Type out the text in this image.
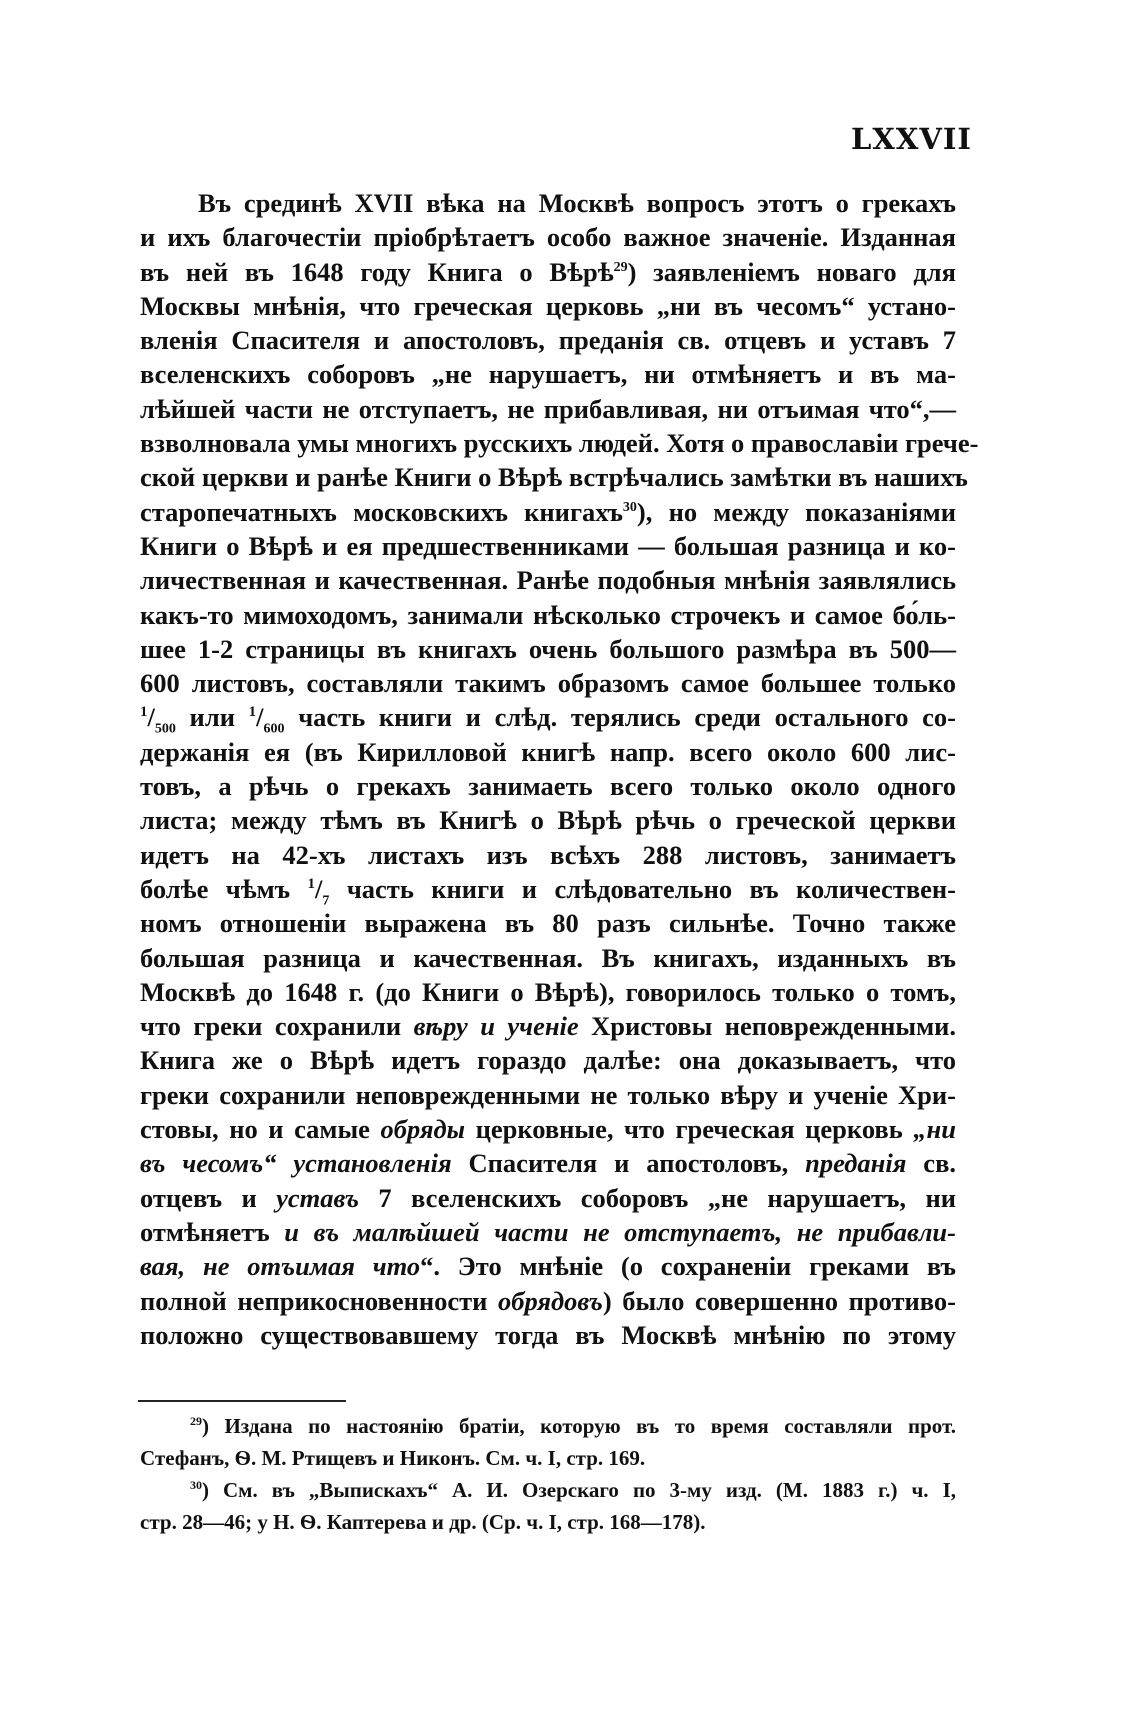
LXXVII
Въ срединѣ XVII вѣка на Москвѣ вопросъ этотъ о грекахъ
и ихъ благочестіи пріобрѣтаетъ особо важное значеніе. Изданная
въ ней въ 1648 году Книга о Вѣрѣ$^{29}$) заявленіемъ новаго для
Москвы мнѣнія, что греческая церковь „ни въ чесомъ“ устано-
вленія Спасителя и апостоловъ, преданія св. отцевъ и уставъ 7
вселенскихъ соборовъ „не нарушаетъ, ни отмѣняетъ и въ ма-
лѣйшей части не отступаетъ, не прибавливая, ни отъимая что“,—
взволновала умы многихъ русскихъ людей. Хотя о православіи грече-
ской церкви и ранѣе Книги о Вѣрѣ встрѣчались замѣтки въ нашихъ
старопечатныхъ московскихъ книгахъ$^{30}$), но между показаніями
Книги о Вѣрѣ и ея предшественниками — большая разница и ко-
личественная и качественная. Ранѣе подобныя мнѣнія заявлялись
какъ-то мимоходомъ, занимали нѣсколько строчекъ и самое бо́ль-
шее 1-2 страницы въ книгахъ очень большого размѣра въ 500—
600 листовъ, составляли такимъ образомъ самое большее только
$^1/_{500}$ или $^1/_{600}$ часть книги и слѣд. терялись среди остального со-
держанія ея (въ Кирилловой книгѣ напр. всего около 600 лис-
товъ, а рѣчь о грекахъ занимаеть всего только около одного
листа; между тѣмъ въ Книгѣ о Вѣрѣ рѣчь о греческой церкви
идетъ на 42-хъ листахъ изъ всѣхъ 288 листовъ, занимаетъ
болѣе чѣмъ $^1/_7$ часть книги и слѣдовательно въ количествен-
номъ отношеніи выражена въ 80 разъ сильнѣе. Точно также
большая разница и качественная. Въ книгахъ, изданныхъ въ
Москвѣ до 1648 г. (до Книги о Вѣрѣ), говорилось только о томъ,
что греки сохранили вѣру и ученіе Христовы неповрежденными.
Книга же о Вѣрѣ идетъ гораздо далѣе: она доказываетъ, что
греки сохранили неповрежденными не только вѣру и ученіе Хри-
стовы, но и самые обряды церковные, что греческая церковь „ни
въ чесомъ“ установленія Спасителя и апостоловъ, преданія св.
отцевъ и уставъ 7 вселенскихъ соборовъ „не нарушаетъ, ни
отмѣняетъ и въ малѣйшей части не отступаетъ, не прибавли-
вая, не отъимая что“. Это мнѣніе (о сохраненіи греками въ
полной неприкосновенности обрядовъ) было совершенно противо-
положно существовавшему тогда въ Москвѣ мнѣнію по этому
$^{29}$) Издана по настоянію братіи, которую въ то время составляли прот.
Стефанъ, Ѳ. М. Ртищевъ и Никонъ. См. ч. I, стр. 169.
$^{30}$) См. въ „Выпискахъ“ А. И. Озерскаго по 3-му изд. (М. 1883 г.) ч. I,
стр. 28—46; у Н. Ѳ. Каптерева и др. (Ср. ч. I, стр. 168—178).
